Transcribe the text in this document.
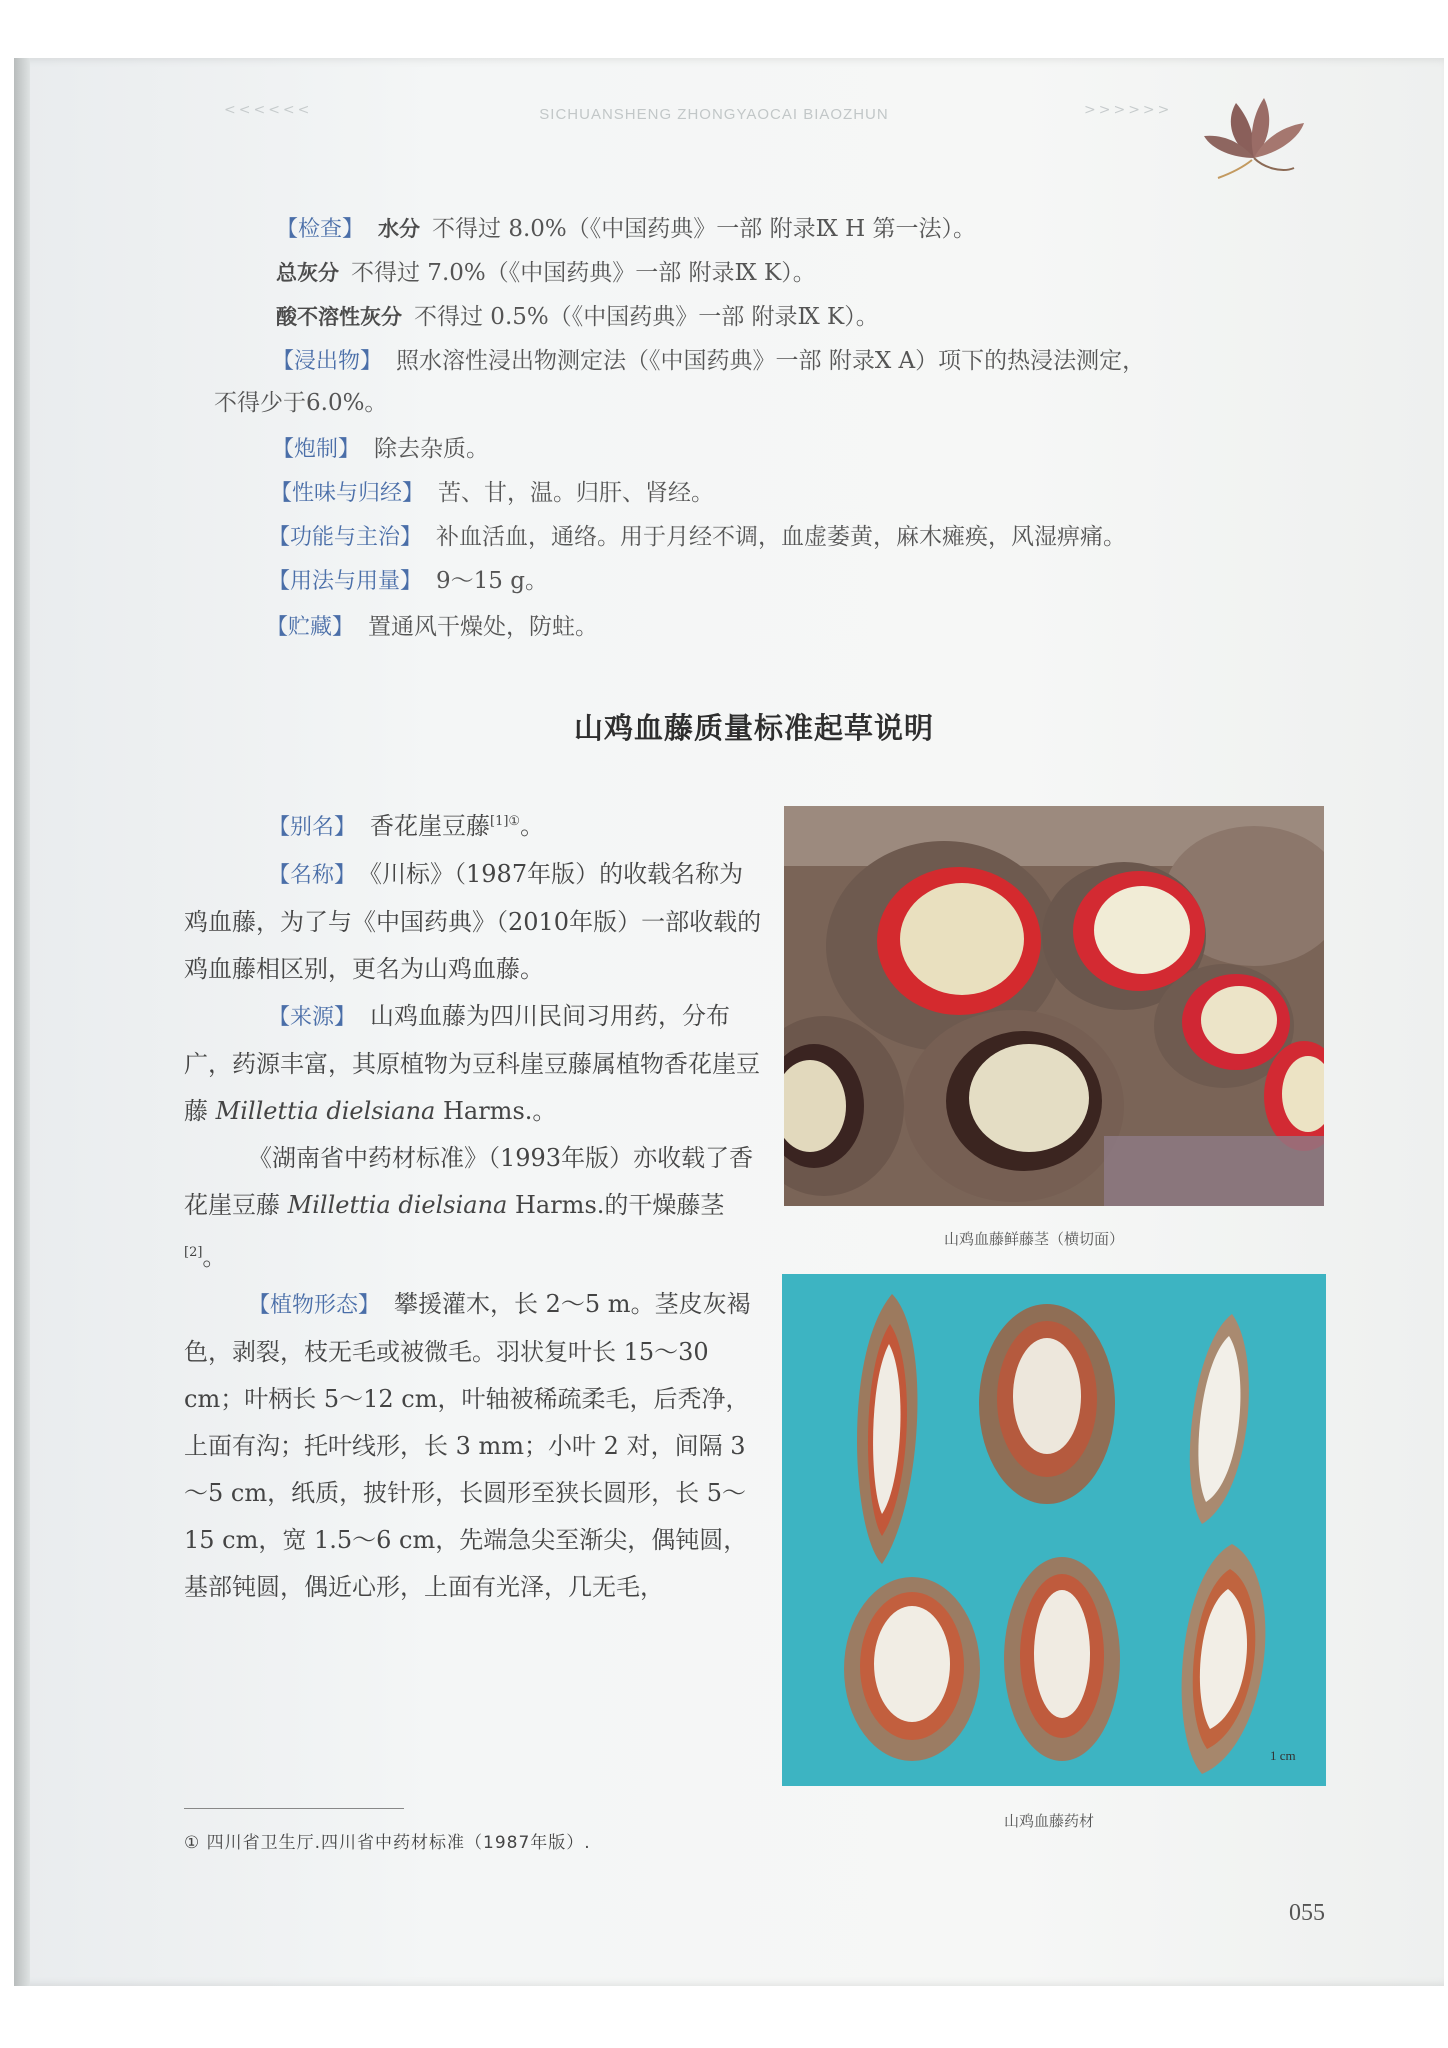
<<<<<<	SICHUANSHENG ZHONGYAOCAI BIAOZHUN	>>>>>>
【检查】 水分 不得过 8.0%（《中国药典》一部 附录Ⅸ H 第一法）。
总灰分 不得过 7.0%（《中国药典》一部 附录Ⅸ K）。
酸不溶性灰分 不得过 0.5%（《中国药典》一部 附录Ⅸ K）。
【浸出物】 照水溶性浸出物测定法（《中国药典》一部 附录X A）项下的热浸法测定，
不得少于6.0%。
【炮制】 除去杂质。
【性味与归经】 苦、甘，温。归肝、肾经。
【功能与主治】 补血活血，通络。用于月经不调，血虚萎黄，麻木瘫痪，风湿痹痛。
【用法与用量】 9～15 g。
【贮藏】 置通风干燥处，防蛀。
山鸡血藤质量标准起草说明

【别名】 香花崖豆藤$^{[1]①}$。

【名称】 《川标》（1987年版）的收载名称为鸡血藤，为了与《中国药典》（2010年版）一部收载的鸡血藤相区别，更名为山鸡血藤。

【来源】 山鸡血藤为四川民间习用药，分布广，药源丰富，其原植物为豆科崖豆藤属植物香花崖豆藤 Millettia dielsiana Harms.。

《湖南省中药材标准》（1993年版）亦收载了香花崖豆藤 Millettia dielsiana Harms.的干燥藤茎[2]。

【植物形态】 攀援灌木，长 2～5 m。茎皮灰褐色，剥裂，枝无毛或被微毛。羽状复叶长 15～30 cm；叶柄长 5～12 cm，叶轴被稀疏柔毛，后秃净，上面有沟；托叶线形，长 3 mm；小叶 2 对，间隔 3～5 cm，纸质，披针形，长圆形至狭长圆形，长 5～15 cm，宽 1.5～6 cm，先端急尖至渐尖，偶钝圆，基部钝圆，偶近心形，上面有光泽，几无毛，

山鸡血藤鲜藤茎（横切面）
1 cm
山鸡血藤药材
① 四川省卫生厅.四川省中药材标准（1987年版）.
055
